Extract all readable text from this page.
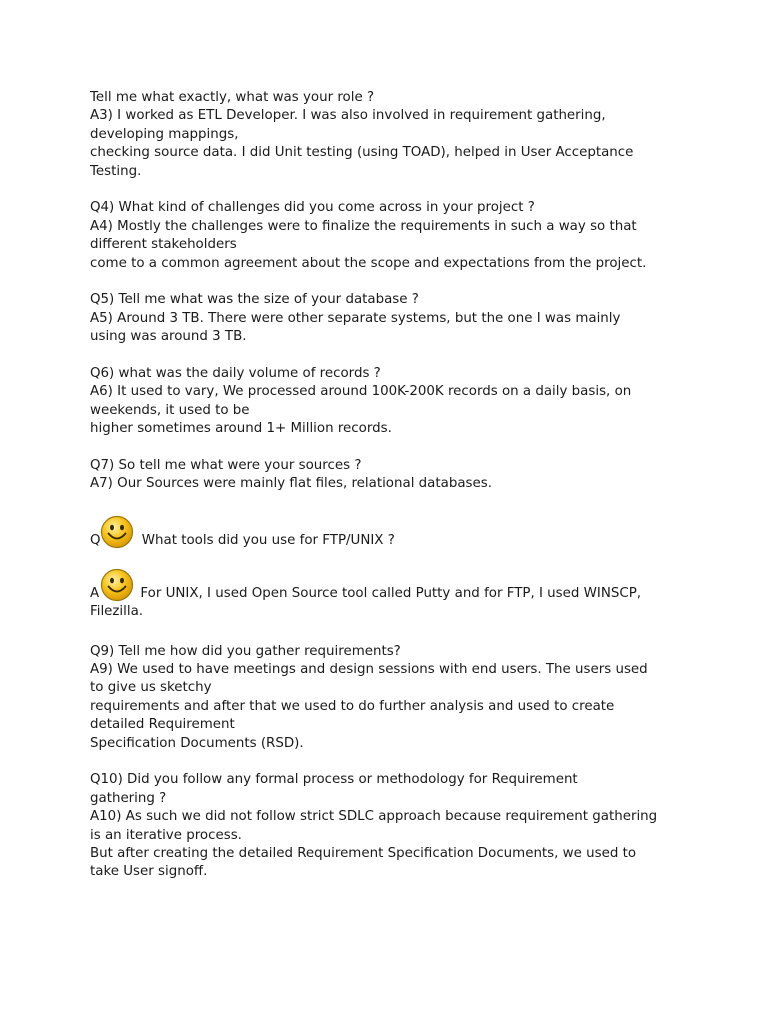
Tell me what exactly, what was your role ?
A3) I worked as ETL Developer. I was also involved in requirement gathering,
developing mappings,
checking source data. I did Unit testing (using TOAD), helped in User Acceptance
Testing.
Q4) What kind of challenges did you come across in your project ?
A4) Mostly the challenges were to finalize the requirements in such a way so that
different stakeholders
come to a common agreement about the scope and expectations from the project.
Q5) Tell me what was the size of your database ?
A5) Around 3 TB. There were other separate systems, but the one I was mainly
using was around 3 TB.
Q6) what was the daily volume of records ?
A6) It used to vary, We processed around 100K-200K records on a daily basis, on
weekends, it used to be
higher sometimes around 1+ Million records.
Q7) So tell me what were your sources ?
A7) Our Sources were mainly flat files, relational databases.
Q	What tools did you use for FTP/UNIX ?
A	For UNIX, I used Open Source tool called Putty and for FTP, I used WINSCP,
Filezilla.
Q9) Tell me how did you gather requirements?
A9) We used to have meetings and design sessions with end users. The users used
to give us sketchy
requirements and after that we used to do further analysis and used to create
detailed Requirement
Specification Documents (RSD).
Q10) Did you follow any formal process or methodology for Requirement
gathering ?
A10) As such we did not follow strict SDLC approach because requirement gathering
is an iterative process.
But after creating the detailed Requirement Specification Documents, we used to
take User signoff.
